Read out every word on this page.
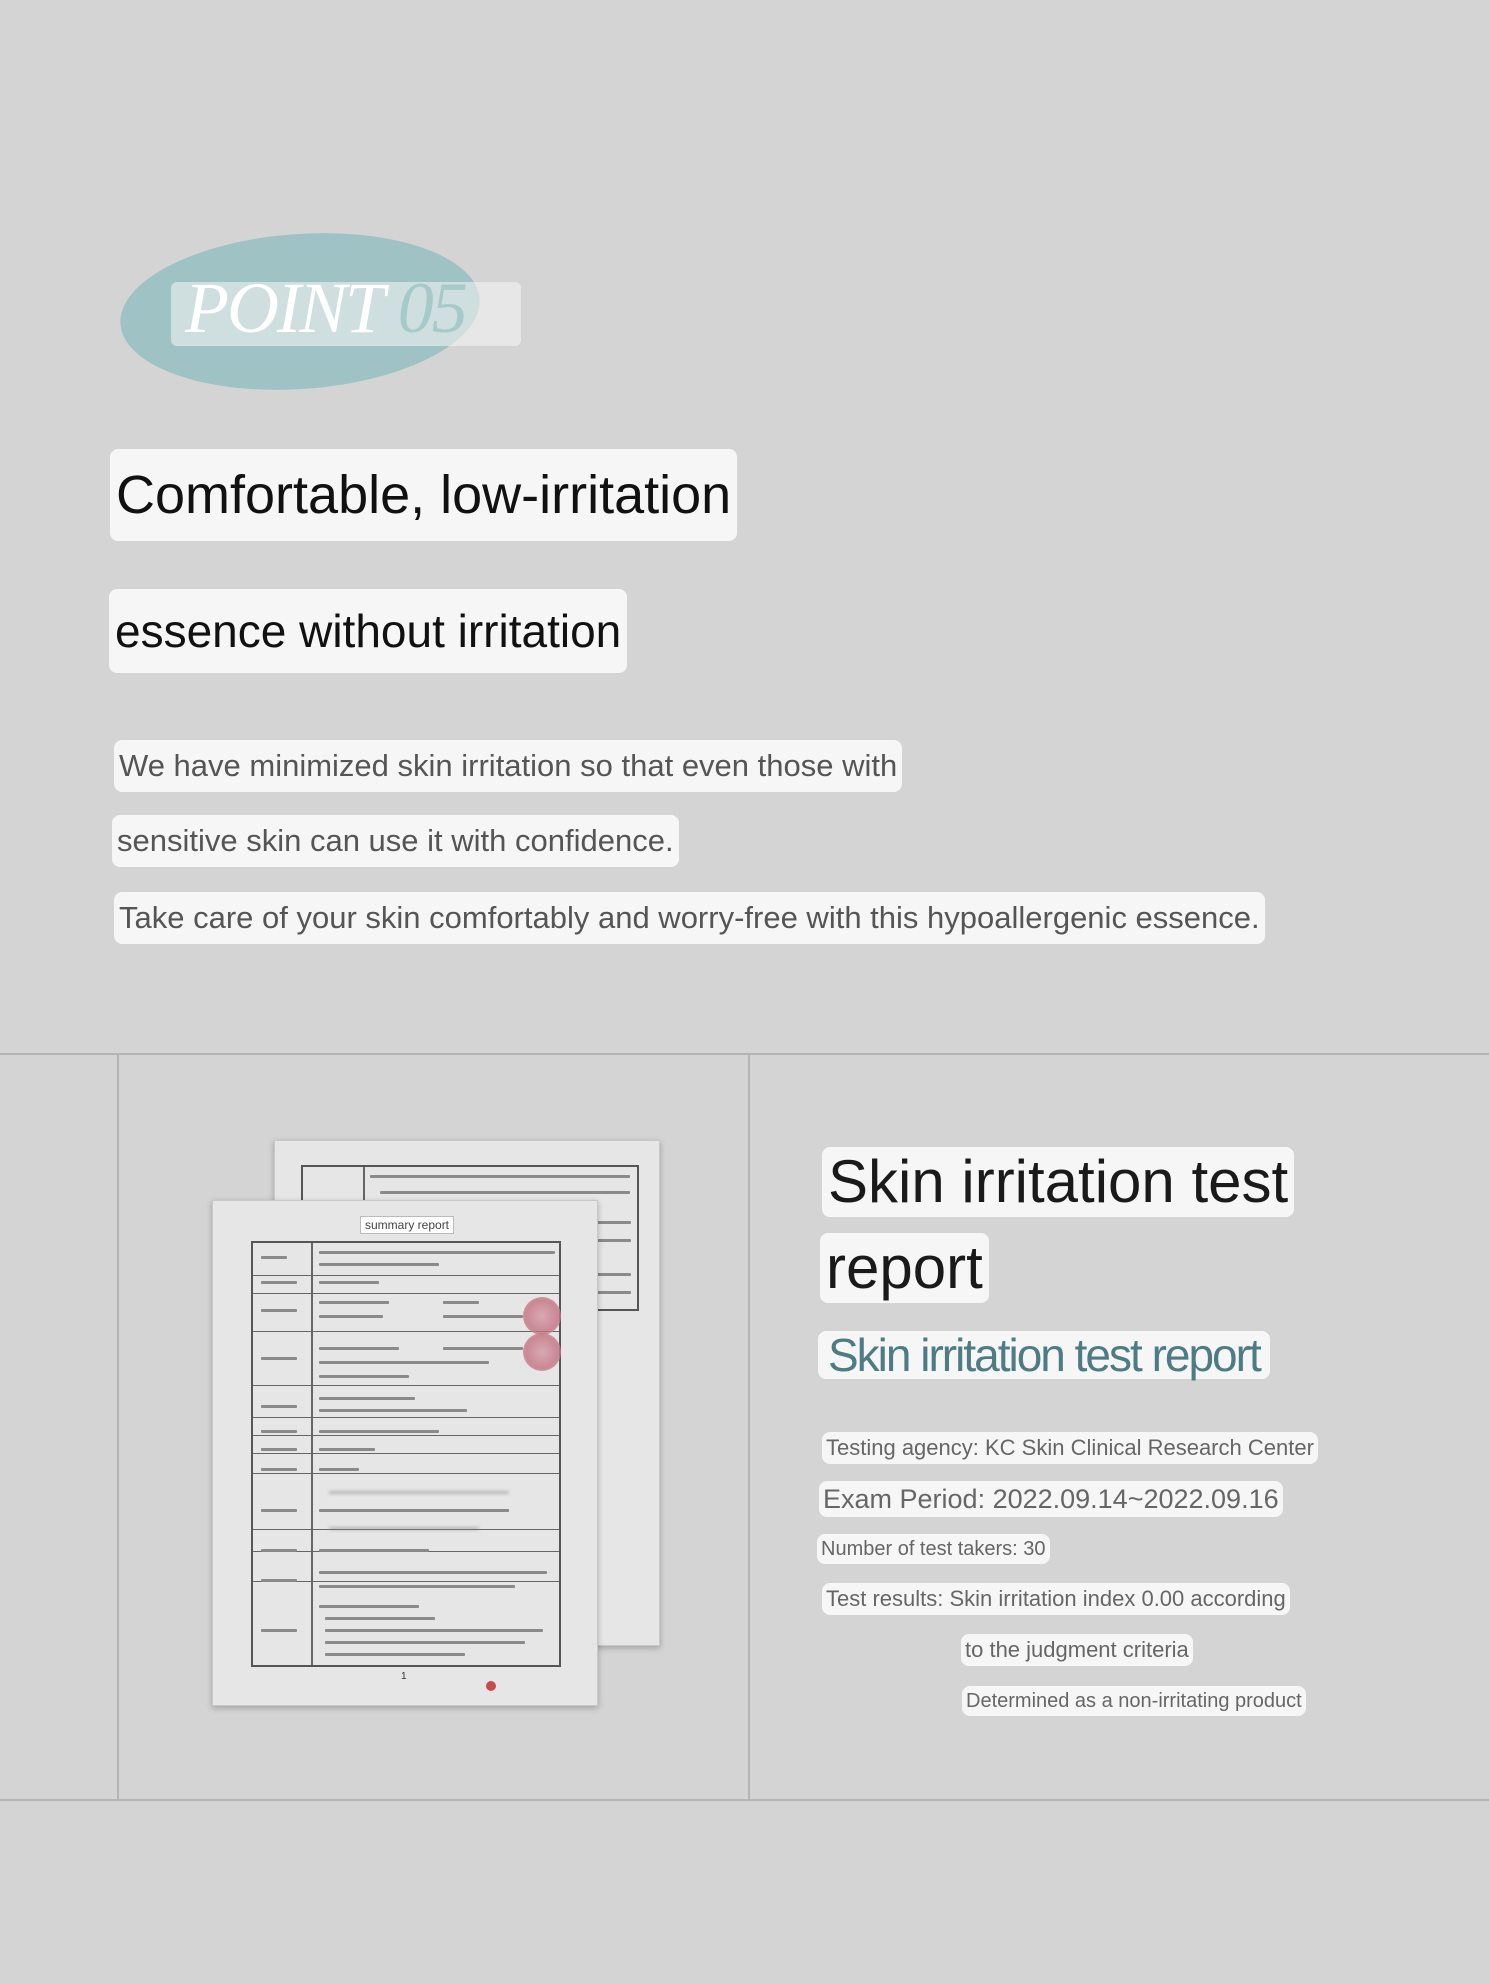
POINT 05
Comfortable, low-irritation
essence without irritation
We have minimized skin irritation so that even those with
sensitive skin can use it with confidence.
Take care of your skin comfortably and worry-free with this hypoallergenic essence.
1
summary report
Skin irritation test
report
Skin irritation test report
Testing agency: KC Skin Clinical Research Center
Exam Period: 2022.09.14~2022.09.16
Number of test takers: 30
Test results: Skin irritation index 0.00 according
to the judgment criteria
Determined as a non-irritating product
